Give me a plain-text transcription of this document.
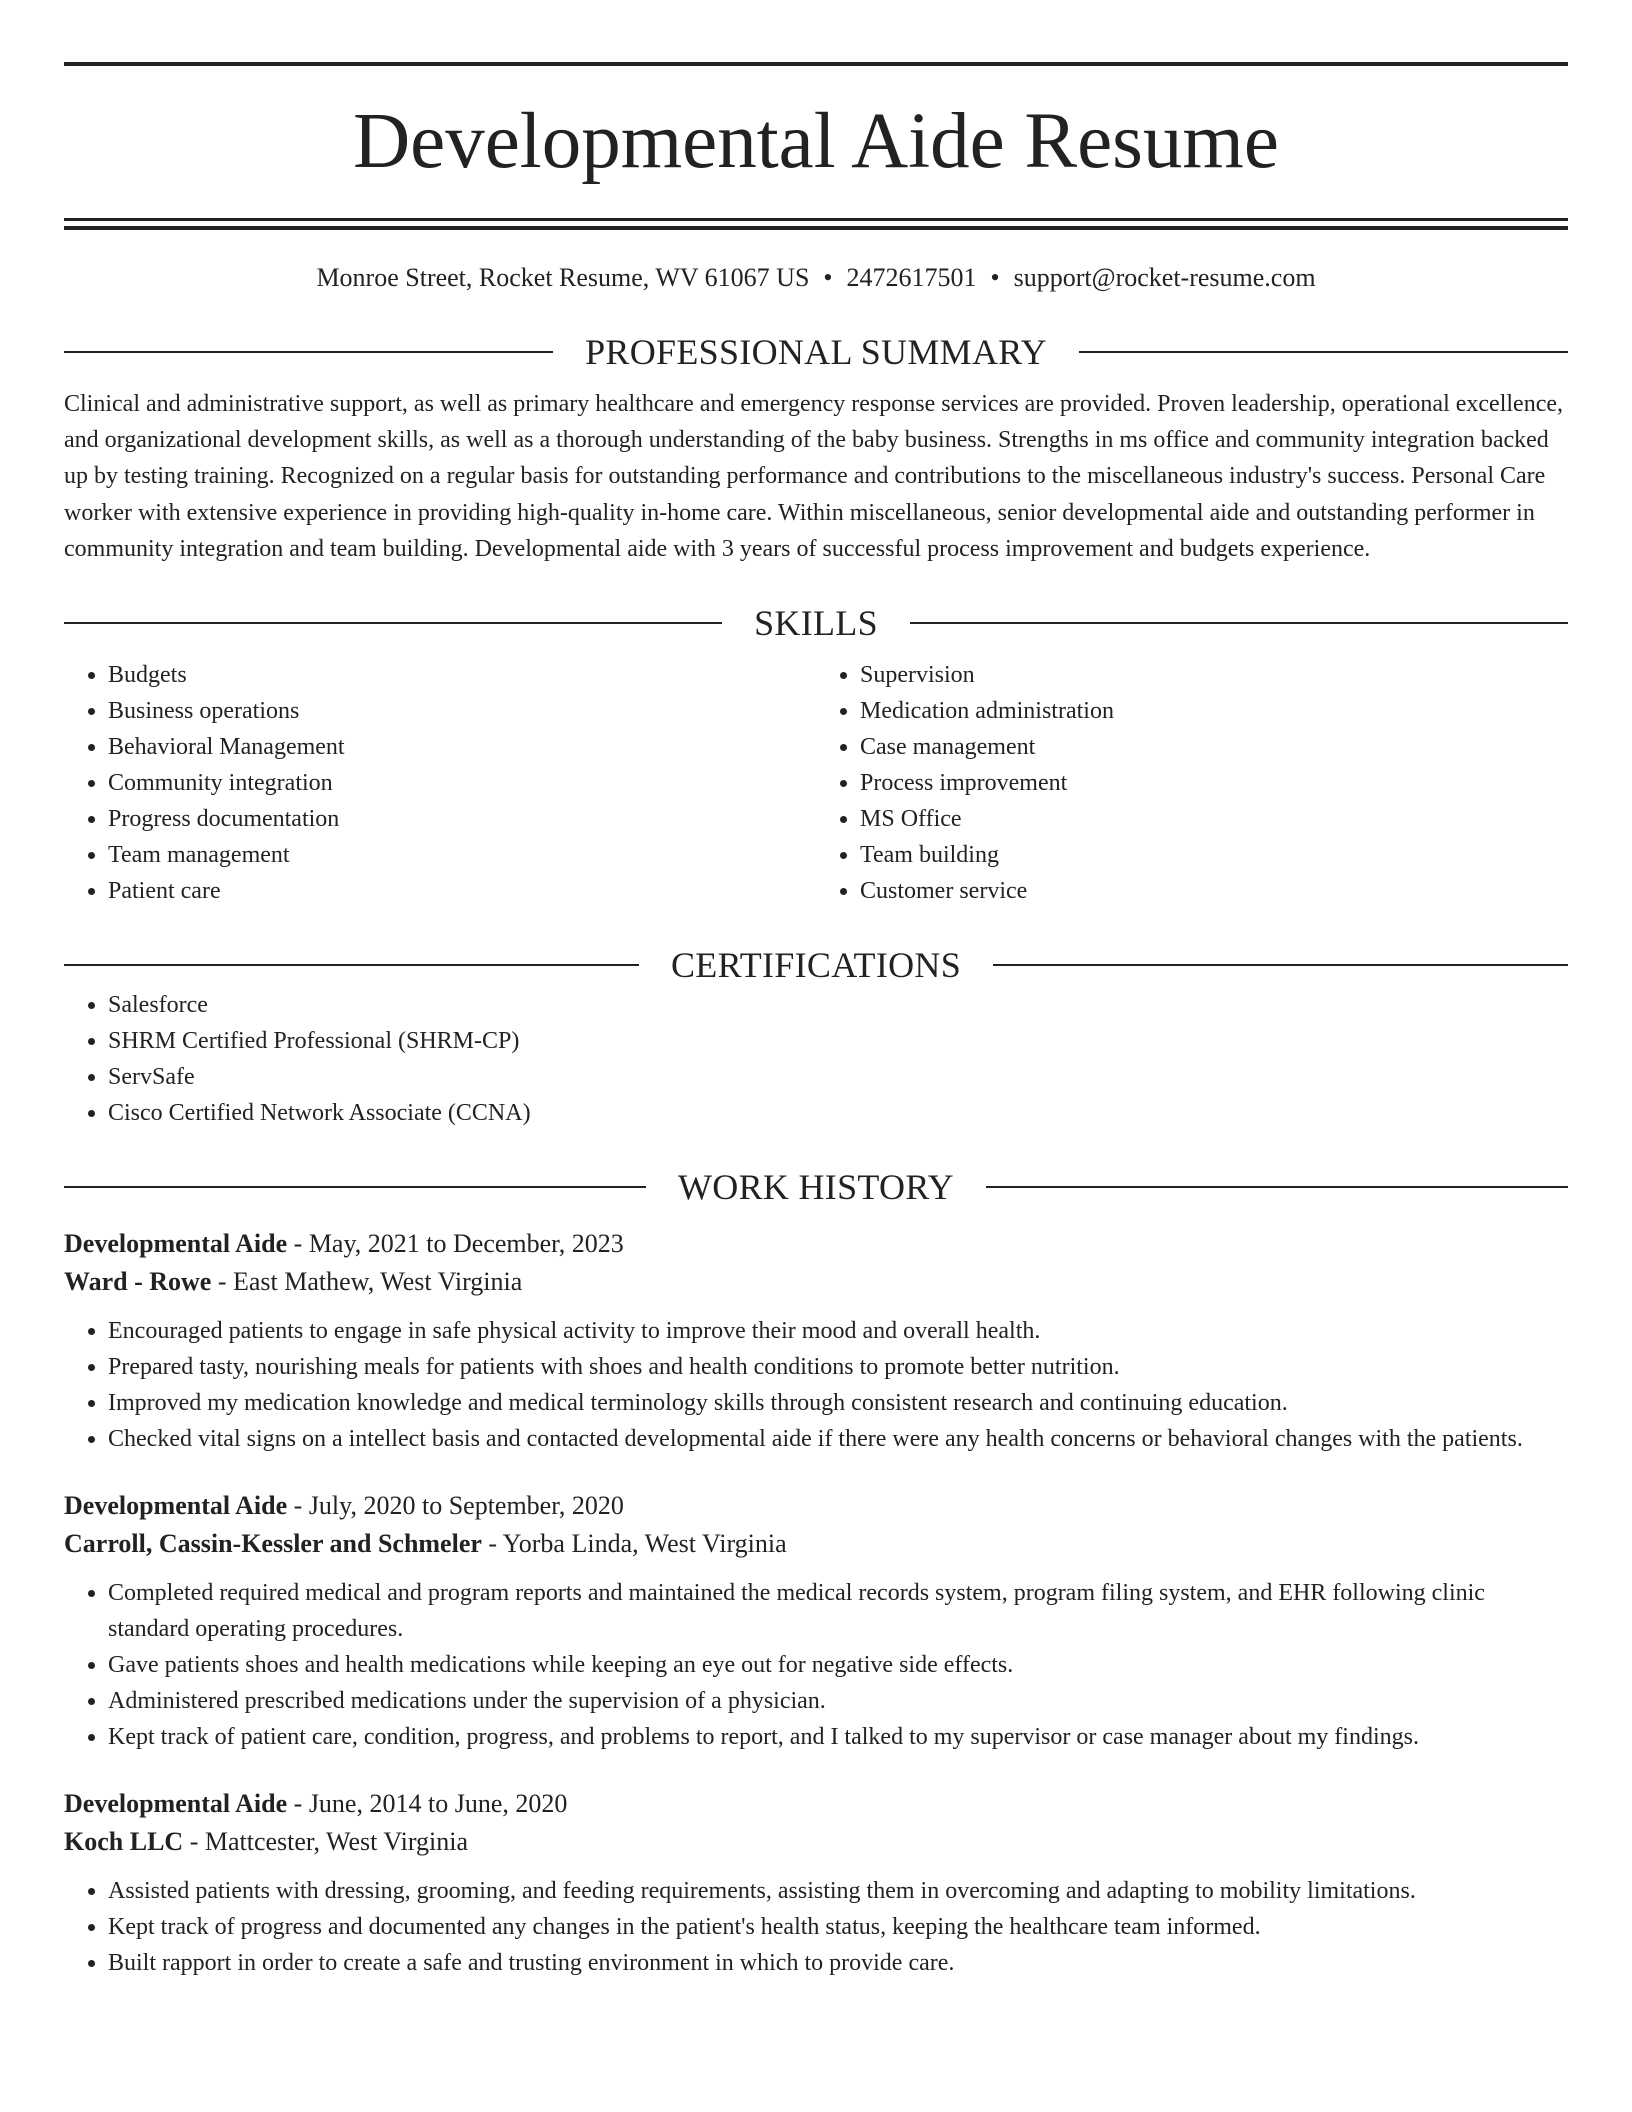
Developmental Aide Resume
Monroe Street, Rocket Resume, WV 61067 US • 2472617501 • support@rocket-resume.com
PROFESSIONAL SUMMARY
Clinical and administrative support, as well as primary healthcare and emergency response services are provided. Proven leadership, operational excellence, and organizational development skills, as well as a thorough understanding of the baby business. Strengths in ms office and community integration backed up by testing training. Recognized on a regular basis for outstanding performance and contributions to the miscellaneous industry's success. Personal Care worker with extensive experience in providing high-quality in-home care. Within miscellaneous, senior developmental aide and outstanding performer in community integration and team building. Developmental aide with 3 years of successful process improvement and budgets experience.
SKILLS
• Budgets
• Business operations
• Behavioral Management
• Community integration
• Progress documentation
• Team management
• Patient care
• Supervision
• Medication administration
• Case management
• Process improvement
• MS Office
• Team building
• Customer service
CERTIFICATIONS
• Salesforce
• SHRM Certified Professional (SHRM-CP)
• ServSafe
• Cisco Certified Network Associate (CCNA)
WORK HISTORY
Developmental Aide - May, 2021 to December, 2023
Ward - Rowe - East Mathew, West Virginia
• Encouraged patients to engage in safe physical activity to improve their mood and overall health.
• Prepared tasty, nourishing meals for patients with shoes and health conditions to promote better nutrition.
• Improved my medication knowledge and medical terminology skills through consistent research and continuing education.
• Checked vital signs on a intellect basis and contacted developmental aide if there were any health concerns or behavioral changes with the patients.
Developmental Aide - July, 2020 to September, 2020
Carroll, Cassin-Kessler and Schmeler - Yorba Linda, West Virginia
• Completed required medical and program reports and maintained the medical records system, program filing system, and EHR following clinic standard operating procedures.
• Gave patients shoes and health medications while keeping an eye out for negative side effects.
• Administered prescribed medications under the supervision of a physician.
• Kept track of patient care, condition, progress, and problems to report, and I talked to my supervisor or case manager about my findings.
Developmental Aide - June, 2014 to June, 2020
Koch LLC - Mattcester, West Virginia
• Assisted patients with dressing, grooming, and feeding requirements, assisting them in overcoming and adapting to mobility limitations.
• Kept track of progress and documented any changes in the patient's health status, keeping the healthcare team informed.
• Built rapport in order to create a safe and trusting environment in which to provide care.
